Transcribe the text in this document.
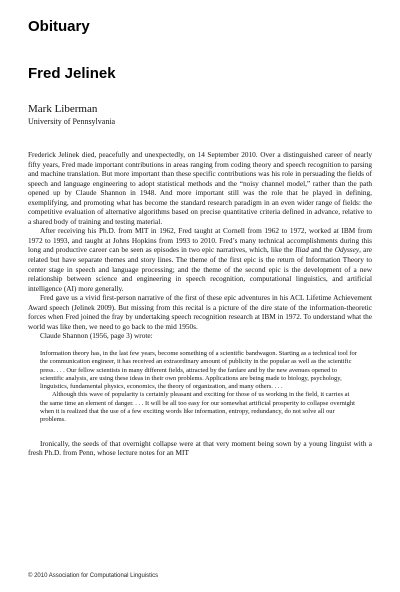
Obituary
Fred Jelinek
Mark Liberman
University of Pennsylvania

Frederick Jelinek died, peacefully and unexpectedly, on 14 September 2010. Over a distinguished career of nearly fifty years, Fred made important contributions in areas ranging from coding theory and speech recognition to parsing and machine translation. But more important than these specific contributions was his role in persuading the fields of speech and language engineering to adopt statistical methods and the “noisy channel model,” rather than the path opened up by Claude Shannon in 1948. And more important still was the role that he played in defining, exemplifying, and promoting what has become the standard research paradigm in an even wider range of fields: the competitive evaluation of alternative algorithms based on precise quantitative criteria defined in advance, relative to a shared body of training and testing material.

After receiving his Ph.D. from MIT in 1962, Fred taught at Cornell from 1962 to 1972, worked at IBM from 1972 to 1993, and taught at Johns Hopkins from 1993 to 2010. Fred’s many technical accomplishments during this long and productive career can be seen as episodes in two epic narratives, which, like the Iliad and the Odyssey, are related but have separate themes and story lines. The theme of the first epic is the return of Information Theory to center stage in speech and language processing; and the theme of the second epic is the development of a new relationship between science and engineering in speech recognition, computational linguistics, and artificial intelligence (AI) more generally.

Fred gave us a vivid first-person narrative of the first of these epic adventures in his ACL Lifetime Achievement Award speech (Jelinek 2009). But missing from this recital is a picture of the dire state of the information-theoretic forces when Fred joined the fray by undertaking speech recognition research at IBM in 1972. To understand what the world was like then, we need to go back to the mid 1950s.

Claude Shannon (1956, page 3) wrote:

Information theory has, in the last few years, become something of a scientific bandwagon. Starting as a technical tool for the communication engineer, it has received an extraordinary amount of publicity in the popular as well as the scientific press. . . . Our fellow scientists in many different fields, attracted by the fanfare and by the new avenues opened to scientific analysis, are using these ideas in their own problems. Applications are being made to biology, psychology, linguistics, fundamental physics, economics, the theory of organization, and many others. . . .

Although this wave of popularity is certainly pleasant and exciting for those of us working in the field, it carries at the same time an element of danger. . . . It will be all too easy for our somewhat artificial prosperity to collapse overnight when it is realized that the use of a few exciting words like information, entropy, redundancy, do not solve all our problems.

Ironically, the seeds of that overnight collapse were at that very moment being sown by a young linguist with a fresh Ph.D. from Penn, whose lecture notes for an MIT

© 2010 Association for Computational Linguistics
